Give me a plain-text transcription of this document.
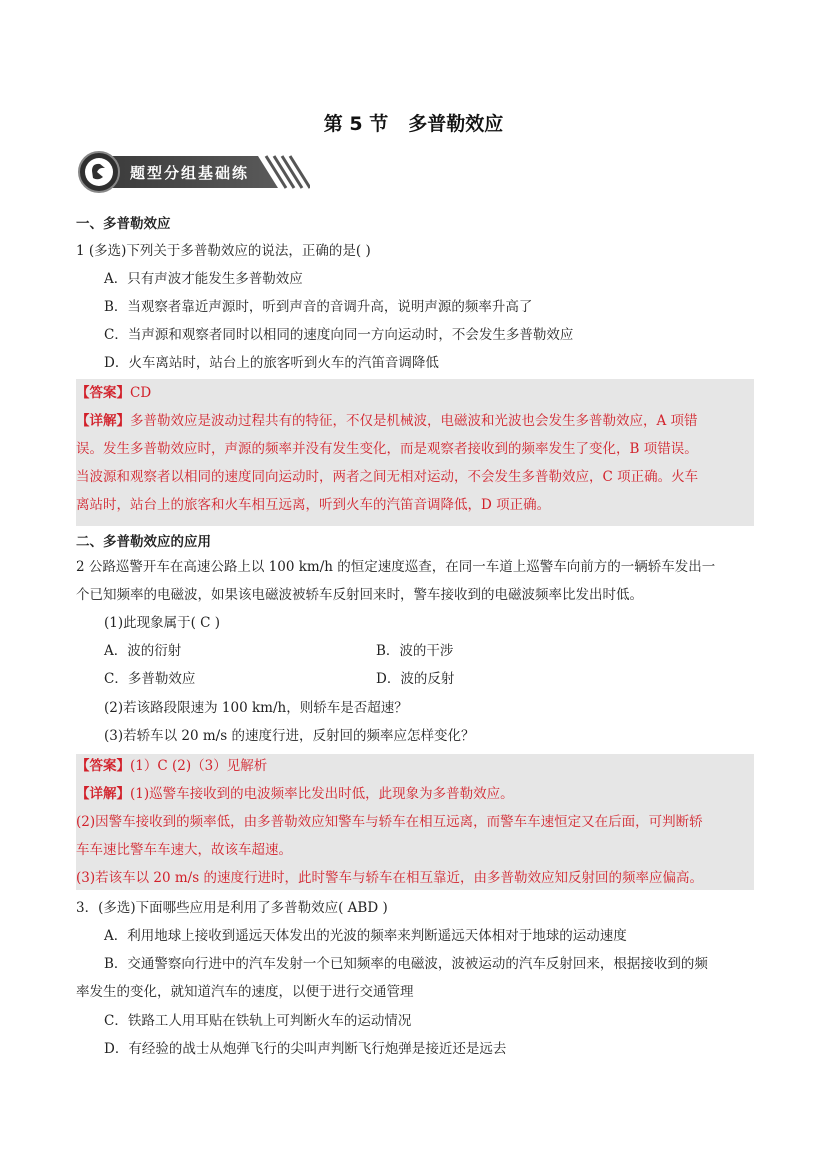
第 5 节 多普勒效应
题型分组基础练
一、多普勒效应
1 (多选)下列关于多普勒效应的说法，正确的是( )
A．只有声波才能发生多普勒效应
B．当观察者靠近声源时，听到声音的音调升高，说明声源的频率升高了
C．当声源和观察者同时以相同的速度向同一方向运动时，不会发生多普勒效应
D．火车离站时，站台上的旅客听到火车的汽笛音调降低
【答案】CD
【详解】多普勒效应是波动过程共有的特征，不仅是机械波，电磁波和光波也会发生多普勒效应，A 项错
误。发生多普勒效应时，声源的频率并没有发生变化，而是观察者接收到的频率发生了变化，B 项错误。
当波源和观察者以相同的速度同向运动时，两者之间无相对运动，不会发生多普勒效应，C 项正确。火车
离站时，站台上的旅客和火车相互远离，听到火车的汽笛音调降低，D 项正确。
二、多普勒效应的应用
2 公路巡警开车在高速公路上以 100 km/h 的恒定速度巡查，在同一车道上巡警车向前方的一辆轿车发出一
个已知频率的电磁波，如果该电磁波被轿车反射回来时，警车接收到的电磁波频率比发出时低。
(1)此现象属于( C )
A．波的衍射	B．波的干涉
C．多普勒效应	D．波的反射
(2)若该路段限速为 100 km/h，则轿车是否超速？
(3)若轿车以 20 m/s 的速度行进，反射回的频率应怎样变化？
【答案】(1）C (2)（3）见解析
【详解】(1)巡警车接收到的电波频率比发出时低，此现象为多普勒效应。
(2)因警车接收到的频率低，由多普勒效应知警车与轿车在相互远离，而警车车速恒定又在后面，可判断轿
车车速比警车车速大，故该车超速。
(3)若该车以 20 m/s 的速度行进时，此时警车与轿车在相互靠近，由多普勒效应知反射回的频率应偏高。
3．(多选)下面哪些应用是利用了多普勒效应( ABD )
A．利用地球上接收到遥远天体发出的光波的频率来判断遥远天体相对于地球的运动速度
B．交通警察向行进中的汽车发射一个已知频率的电磁波，波被运动的汽车反射回来，根据接收到的频
率发生的变化，就知道汽车的速度，以便于进行交通管理
C．铁路工人用耳贴在铁轨上可判断火车的运动情况
D．有经验的战士从炮弹飞行的尖叫声判断飞行炮弹是接近还是远去
